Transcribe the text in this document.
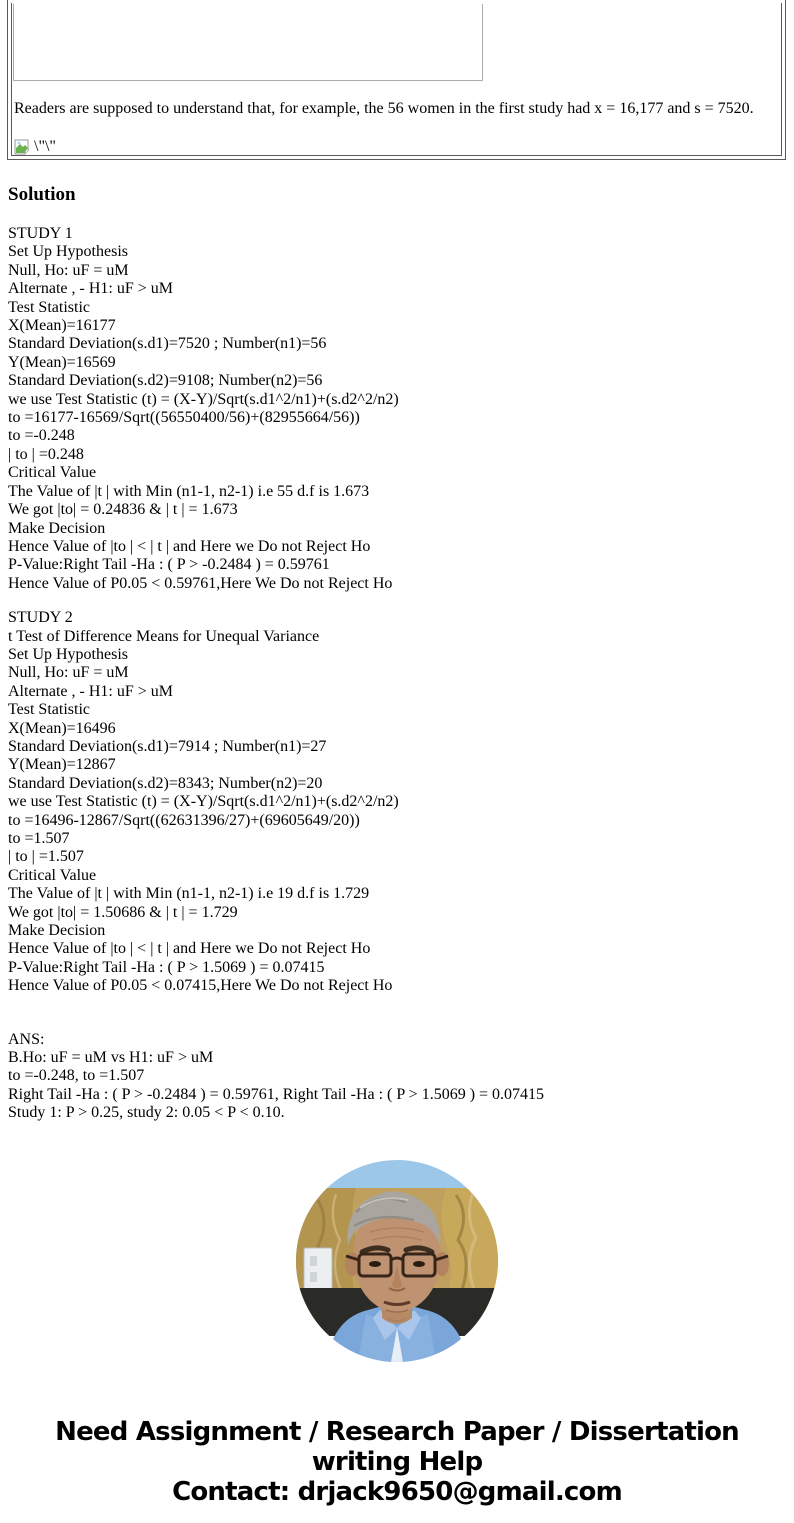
Readers are supposed to understand that, for example, the 56 women in the first study had x = 16,177 and s = 7520.

\"\"
Solution
STUDY 1
Set Up Hypothesis
Null, Ho: uF = uM
Alternate , - H1: uF > uM
Test Statistic
X(Mean)=16177
Standard Deviation(s.d1)=7520 ; Number(n1)=56
Y(Mean)=16569
Standard Deviation(s.d2)=9108; Number(n2)=56
we use Test Statistic (t) = (X-Y)/Sqrt(s.d1^2/n1)+(s.d2^2/n2)
to =16177-16569/Sqrt((56550400/56)+(82955664/56))
to =-0.248
| to | =0.248
Critical Value
The Value of |t | with Min (n1-1, n2-1) i.e 55 d.f is 1.673
We got |to| = 0.24836 & | t | = 1.673
Make Decision
Hence Value of |to | < | t | and Here we Do not Reject Ho
P-Value:Right Tail -Ha : ( P > -0.2484 ) = 0.59761
Hence Value of P0.05 < 0.59761,Here We Do not Reject Ho
STUDY 2
t Test of Difference Means for Unequal Variance
Set Up Hypothesis
Null, Ho: uF = uM
Alternate , - H1: uF > uM
Test Statistic
X(Mean)=16496
Standard Deviation(s.d1)=7914 ; Number(n1)=27
Y(Mean)=12867
Standard Deviation(s.d2)=8343; Number(n2)=20
we use Test Statistic (t) = (X-Y)/Sqrt(s.d1^2/n1)+(s.d2^2/n2)
to =16496-12867/Sqrt((62631396/27)+(69605649/20))
to =1.507
| to | =1.507
Critical Value
The Value of |t | with Min (n1-1, n2-1) i.e 19 d.f is 1.729
We got |to| = 1.50686 & | t | = 1.729
Make Decision
Hence Value of |to | < | t | and Here we Do not Reject Ho
P-Value:Right Tail -Ha : ( P > 1.5069 ) = 0.07415
Hence Value of P0.05 < 0.07415,Here We Do not Reject Ho
ANS:
B.Ho: uF = uM vs H1: uF > uM
to =-0.248, to =1.507
Right Tail -Ha : ( P > -0.2484 ) = 0.59761, Right Tail -Ha : ( P > 1.5069 ) = 0.07415
Study 1: P > 0.25, study 2: 0.05 < P < 0.10.
Need Assignment / Research Paper / Dissertation
writing Help
Contact: drjack9650@gmail.com
